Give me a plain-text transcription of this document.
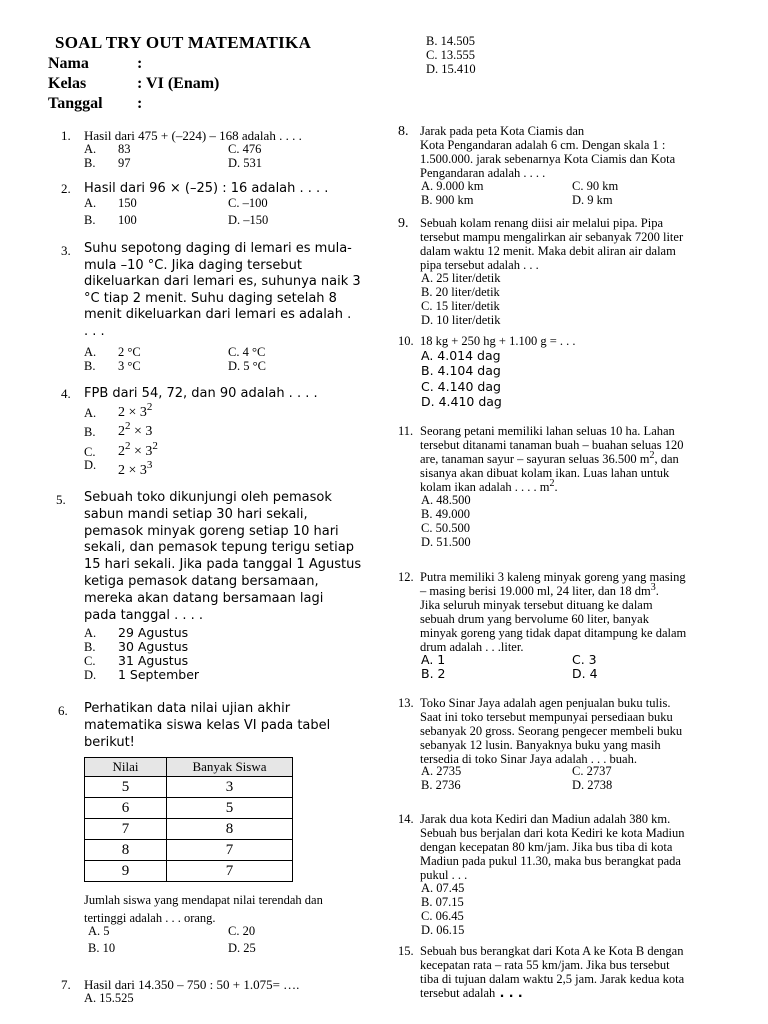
SOAL TRY OUT MATEMATIKA
Nama	:
Kelas	: VI (Enam)
Tanggal :
1. Hasil dari 475 + (–224) – 168 adalah . . . .
A. 83
B. 97
C. 476
D. 531
2. Hasil dari 96 × (–25) : 16 adalah . . . .
A. 150
B. 100
C. –100
D. –150
3. Suhu sepotong daging di lemari es mula-
mula –10 °C. Jika daging tersebut
dikeluarkan dari lemari es, suhunya naik 3
°C tiap 2 menit. Suhu daging setelah 8
menit dikeluarkan dari lemari es adalah .
. . .
A. 2 °C
B. 3 °C
C. 4 °C
D. 5 °C
4. FPB dari 54, 72, dan 90 adalah . . . .
A. $2 \times 3^2$
B. $2^2 \times 3$
C. $2^2 \times 3^2$
D. $2 \times 3^3$
5. Sebuah toko dikunjungi oleh pemasok
sabun mandi setiap 30 hari sekali,
pemasok minyak goreng setiap 10 hari
sekali, dan pemasok tepung terigu setiap
15 hari sekali. Jika pada tanggal 1 Agustus
ketiga pemasok datang bersamaan,
mereka akan datang bersamaan lagi
pada tanggal . . . .
A. 29 Agustus
B. 30 Agustus
C. 31 Agustus
D. 1 September
6. Perhatikan data nilai ujian akhir
matematika siswa kelas VI pada tabel
berikut!
Nilai	Banyak Siswa
5	3
6	5
7	8
8	7
9	7
Jumlah siswa yang mendapat nilai terendah dan
tertinggi adalah . . . orang.
A. 5
B. 10
C. 20
D. 25
7. Hasil dari 14.350 – 750 : 50 + 1.075= ….
A. 15.525
B. 14.505
C. 13.555
D. 15.410
8. Jarak pada peta Kota Ciamis dan
Kota Pengandaran adalah 6 cm. Dengan skala 1 :
1.500.000. jarak sebenarnya Kota Ciamis dan Kota
Pengandaran adalah . . . .
A. 9.000 km
B. 900 km
C. 90 km
D. 9 km
9. Sebuah kolam renang diisi air melalui pipa. Pipa
tersebut mampu mengalirkan air sebanyak 7200 liter
dalam waktu 12 menit. Maka debit aliran air dalam
pipa tersebut adalah . . .
A. 25 liter/detik
B. 20 liter/detik
C. 15 liter/detik
D. 10 liter/detik
10. 18 kg + 250 hg + 1.100 g = . . .
A. 4.014 dag
B. 4.104 dag
C. 4.140 dag
D. 4.410 dag
11. Seorang petani memiliki lahan seluas 10 ha. Lahan
tersebut ditanami tanaman buah – buahan seluas 120
are, tanaman sayur – sayuran seluas 36.500 $m^2$, dan
sisanya akan dibuat kolam ikan. Luas lahan untuk
kolam ikan adalah . . . . $m^2$.
A. 48.500
B. 49.000
C. 50.500
D. 51.500
12. Putra memiliki 3 kaleng minyak goreng yang masing
– masing berisi 19.000 ml, 24 liter, dan 18 $dm^3$.
Jika seluruh minyak tersebut dituang ke dalam
sebuah drum yang bervolume 60 liter, banyak
minyak goreng yang tidak dapat ditampung ke dalam
drum adalah . . .liter.
A. 1
B. 2
C. 3
D. 4
13. Toko Sinar Jaya adalah agen penjualan buku tulis.
Saat ini toko tersebut mempunyai persediaan buku
sebanyak 20 gross. Seorang pengecer membeli buku
sebanyak 12 lusin. Banyaknya buku yang masih
tersedia di toko Sinar Jaya adalah . . . buah.
A. 2735
B. 2736
C. 2737
D. 2738
14. Jarak dua kota Kediri dan Madiun adalah 380 km.
Sebuah bus berjalan dari kota Kediri ke kota Madiun
dengan kecepatan 80 km/jam. Jika bus tiba di kota
Madiun pada pukul 11.30, maka bus berangkat pada
pukul . . .
A. 07.45
B. 07.15
C. 06.45
D. 06.15
15. Sebuah bus berangkat dari Kota A ke Kota B dengan
kecepatan rata – rata 55 km/jam. Jika bus tersebut
tiba di tujuan dalam waktu 2,5 jam. Jarak kedua kota
tersebut adalah . . .
